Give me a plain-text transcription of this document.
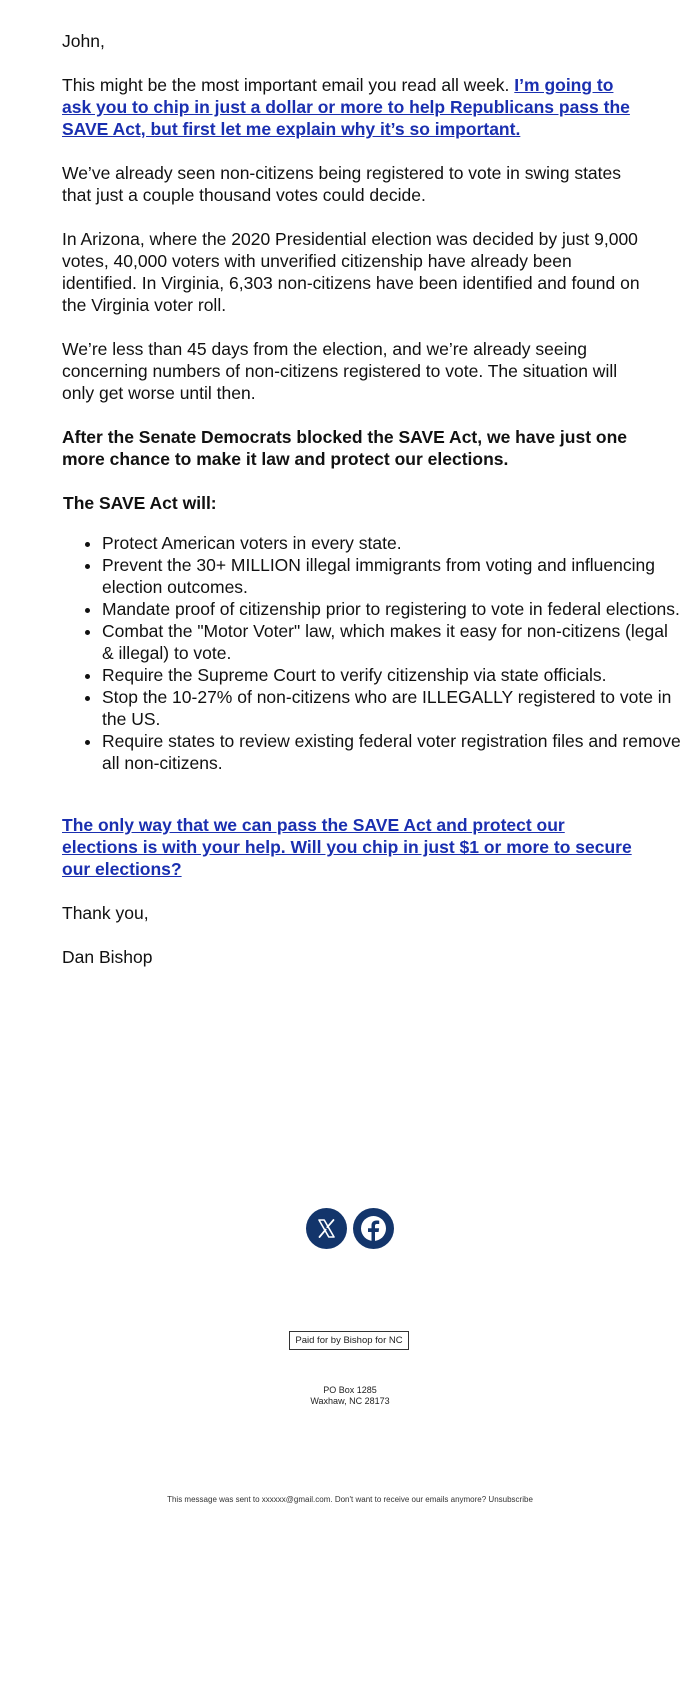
John,

This might be the most important email you read all week. I’m going to ask you to chip in just a dollar or more to help Republicans pass the SAVE Act, but first let me explain why it’s so important.

We’ve already seen non-citizens being registered to vote in swing states that just a couple thousand votes could decide.

In Arizona, where the 2020 Presidential election was decided by just 9,000 votes, 40,000 voters with unverified citizenship have already been identified. In Virginia, 6,303 non-citizens have been identified and found on the Virginia voter roll.

We’re less than 45 days from the election, and we’re already seeing concerning numbers of non-citizens registered to vote. The situation will only get worse until then.

After the Senate Democrats blocked the SAVE Act, we have just one more chance to make it law and protect our elections.

The SAVE Act will:

• Protect American voters in every state.
• Prevent the 30+ MILLION illegal immigrants from voting and influencing election outcomes.
• Mandate proof of citizenship prior to registering to vote in federal elections.
• Combat the "Motor Voter" law, which makes it easy for non-citizens (legal & illegal) to vote.
• Require the Supreme Court to verify citizenship via state officials.
• Stop the 10-27% of non-citizens who are ILLEGALLY registered to vote in the US.
• Require states to review existing federal voter registration files and remove all non-citizens.

The only way that we can pass the SAVE Act and protect our elections is with your help. Will you chip in just $1 or more to secure our elections?

Thank you,

Dan Bishop

Paid for by Bishop for NC
PO Box 1285
Waxhaw, NC 28173
This message was sent to xxxxxx@gmail.com. Don't want to receive our emails anymore? Unsubscribe
